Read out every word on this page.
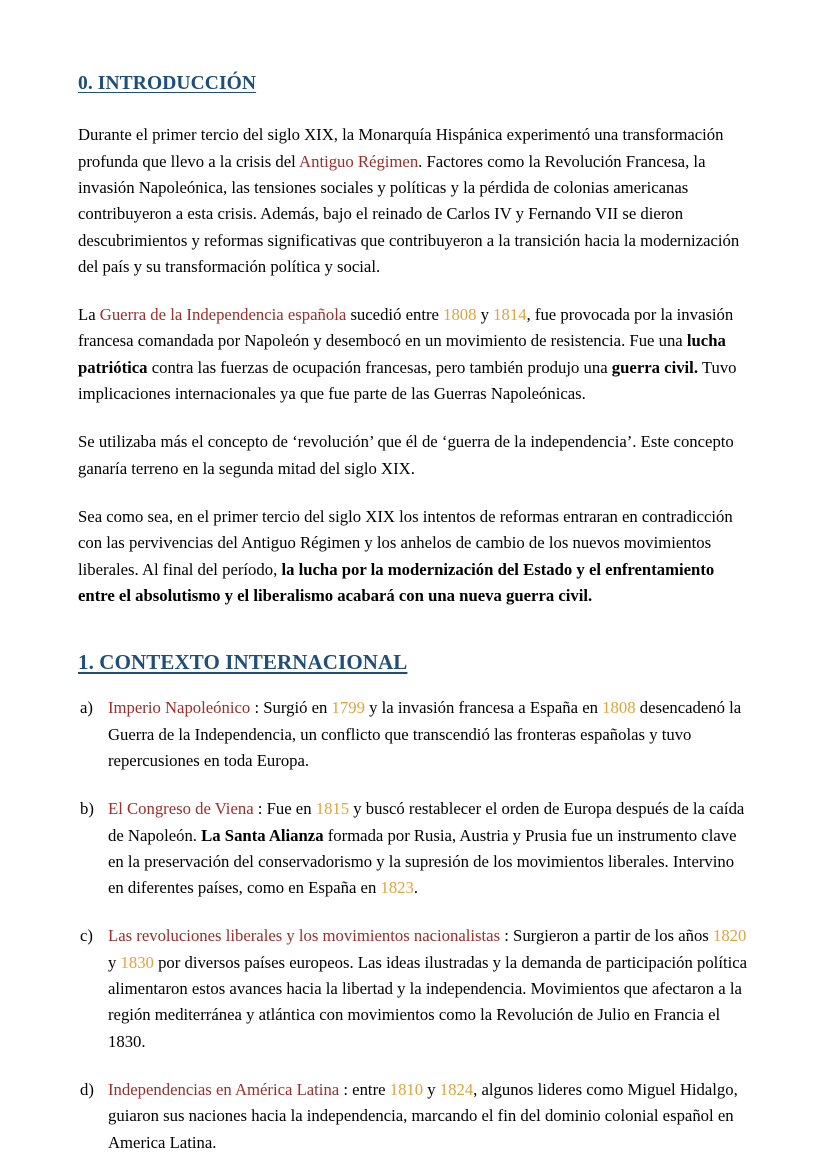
0. INTRODUCCIÓN

Durante el primer tercio del siglo XIX, la Monarquía Hispánica experimentó una transformación profunda que llevo a la crisis del Antiguo Régimen. Factores como la Revolución Francesa, la invasión Napoleónica, las tensiones sociales y políticas y la pérdida de colonias americanas contribuyeron a esta crisis. Además, bajo el reinado de Carlos IV y Fernando VII se dieron descubrimientos y reformas significativas que contribuyeron a la transición hacia la modernización del país y su transformación política y social.

La Guerra de la Independencia española sucedió entre 1808 y 1814, fue provocada por la invasión francesa comandada por Napoleón y desembocó en un movimiento de resistencia. Fue una lucha patriótica contra las fuerzas de ocupación francesas, pero también produjo una guerra civil. Tuvo implicaciones internacionales ya que fue parte de las Guerras Napoleónicas.

Se utilizaba más el concepto de ‘revolución’ que él de ‘guerra de la independencia’. Este concepto ganaría terreno en la segunda mitad del siglo XIX.

Sea como sea, en el primer tercio del siglo XIX los intentos de reformas entraran en contradicción con las pervivencias del Antiguo Régimen y los anhelos de cambio de los nuevos movimientos liberales. Al final del período, la lucha por la modernización del Estado y el enfrentamiento entre el absolutismo y el liberalismo acabará con una nueva guerra civil.

1. CONTEXTO INTERNACIONAL
a) Imperio Napoleónico : Surgió en 1799 y la invasión francesa a España en 1808 desencadenó la Guerra de la Independencia, un conflicto que transcendió las fronteras españolas y tuvo repercusiones en toda Europa.
b) El Congreso de Viena : Fue en 1815 y buscó restablecer el orden de Europa después de la caída de Napoleón. La Santa Alianza formada por Rusia, Austria y Prusia fue un instrumento clave en la preservación del conservadorismo y la supresión de los movimientos liberales. Intervino en diferentes países, como en España en 1823.
c) Las revoluciones liberales y los movimientos nacionalistas : Surgieron a partir de los años 1820 y 1830 por diversos países europeos. Las ideas ilustradas y la demanda de participación política alimentaron estos avances hacia la libertad y la independencia. Movimientos que afectaron a la región mediterránea y atlántica con movimientos como la Revolución de Julio en Francia el 1830.
d) Independencias en América Latina : entre 1810 y 1824, algunos lideres como Miguel Hidalgo, guiaron sus naciones hacia la independencia, marcando el fin del dominio colonial español en America Latina.
